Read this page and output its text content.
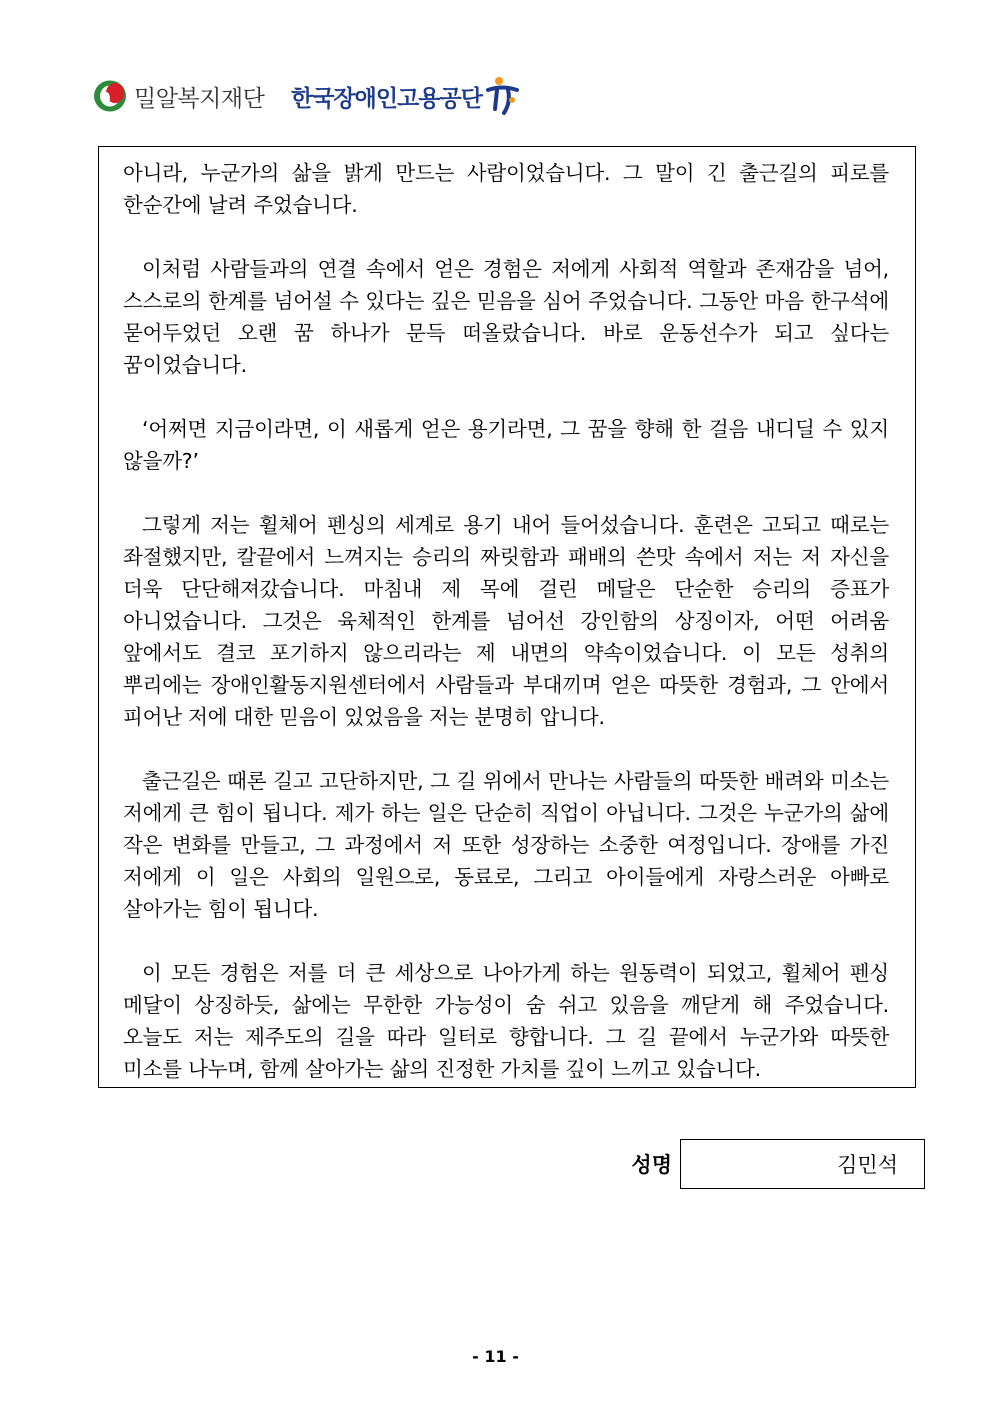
밀알복지재단 한국장애인고용공단

아니라, 누군가의 삶을 밝게 만드는 사람이었습니다. 그 말이 긴 출근길의 피로를 한순간에 날려 주었습니다.

이처럼 사람들과의 연결 속에서 얻은 경험은 저에게 사회적 역할과 존재감을 넘어, 스스로의 한계를 넘어설 수 있다는 깊은 믿음을 심어 주었습니다. 그동안 마음 한구석에 묻어두었던 오랜 꿈 하나가 문득 떠올랐습니다. 바로 운동선수가 되고 싶다는 꿈이었습니다.

‘어쩌면 지금이라면, 이 새롭게 얻은 용기라면, 그 꿈을 향해 한 걸음 내디딜 수 있지 않을까?’

그렇게 저는 휠체어 펜싱의 세계로 용기 내어 들어섰습니다. 훈련은 고되고 때로는 좌절했지만, 칼끝에서 느껴지는 승리의 짜릿함과 패배의 쓴맛 속에서 저는 저 자신을 더욱 단단해져갔습니다. 마침내 제 목에 걸린 메달은 단순한 승리의 증표가 아니었습니다. 그것은 육체적인 한계를 넘어선 강인함의 상징이자, 어떤 어려움 앞에서도 결코 포기하지 않으리라는 제 내면의 약속이었습니다. 이 모든 성취의 뿌리에는 장애인활동지원센터에서 사람들과 부대끼며 얻은 따뜻한 경험과, 그 안에서 피어난 저에 대한 믿음이 있었음을 저는 분명히 압니다.

출근길은 때론 길고 고단하지만, 그 길 위에서 만나는 사람들의 따뜻한 배려와 미소는 저에게 큰 힘이 됩니다. 제가 하는 일은 단순히 직업이 아닙니다. 그것은 누군가의 삶에 작은 변화를 만들고, 그 과정에서 저 또한 성장하는 소중한 여정입니다. 장애를 가진 저에게 이 일은 사회의 일원으로, 동료로, 그리고 아이들에게 자랑스러운 아빠로 살아가는 힘이 됩니다.

이 모든 경험은 저를 더 큰 세상으로 나아가게 하는 원동력이 되었고, 휠체어 펜싱 메달이 상징하듯, 삶에는 무한한 가능성이 숨 쉬고 있음을 깨닫게 해 주었습니다. 오늘도 저는 제주도의 길을 따라 일터로 향합니다. 그 길 끝에서 누군가와 따뜻한 미소를 나누며, 함께 살아가는 삶의 진정한 가치를 깊이 느끼고 있습니다.

성명	김민석
- 11 -
